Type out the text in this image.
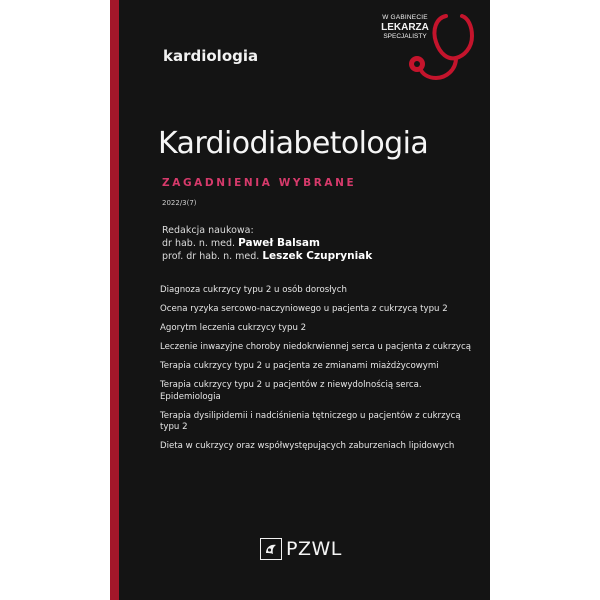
kardiologia
W GABINECIE
LEKARZA
SPECJALISTY
Kardiodiabetologia
ZAGADNIENIA WYBRANE
2022/3(7)
Redakcja naukowa:
dr hab. n. med. Paweł Balsam
prof. dr hab. n. med. Leszek Czupryniak
Diagnoza cukrzycy typu 2 u osób dorosłych
Ocena ryzyka sercowo-naczyniowego u pacjenta z cukrzycą typu 2
Agorytm leczenia cukrzycy typu 2
Leczenie inwazyjne choroby niedokrwiennej serca u pacjenta z cukrzycą
Terapia cukrzycy typu 2 u pacjenta ze zmianami miażdżycowymi
Terapia cukrzycy typu 2 u pacjentów z niewydolnością serca. Epidemiologia
Terapia dysilipidemii i nadciśnienia tętniczego u pacjentów z cukrzycą typu 2
Dieta w cukrzycy oraz współwystępujących zaburzeniach lipidowych
PZWL
